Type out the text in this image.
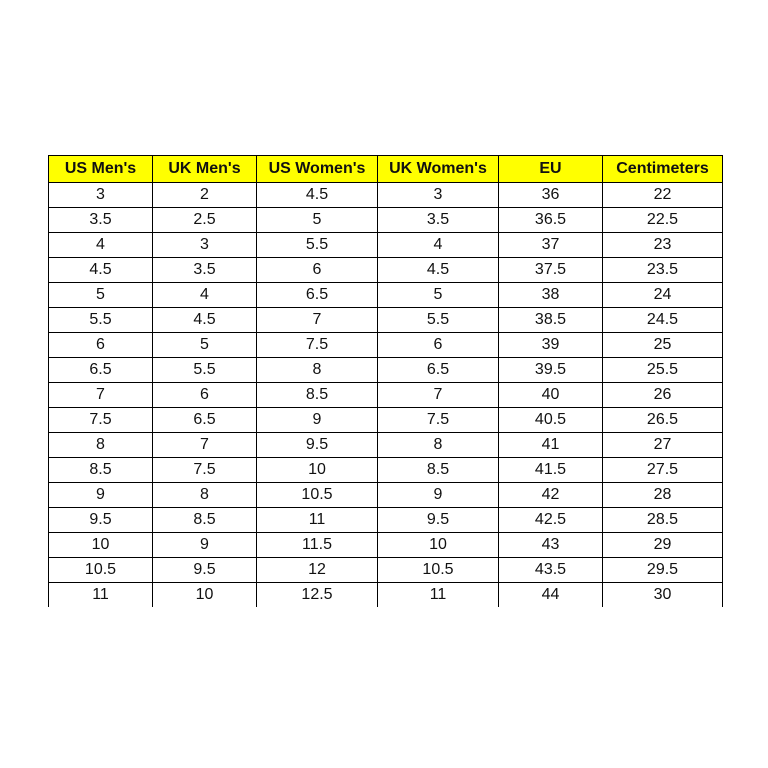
US Men's	UK Men's	US Women's	UK Women's	EU	Centimeters
3	2	4.5	3	36	22
3.5	2.5	5	3.5	36.5	22.5
4	3	5.5	4	37	23
4.5	3.5	6	4.5	37.5	23.5
5	4	6.5	5	38	24
5.5	4.5	7	5.5	38.5	24.5
6	5	7.5	6	39	25
6.5	5.5	8	6.5	39.5	25.5
7	6	8.5	7	40	26
7.5	6.5	9	7.5	40.5	26.5
8	7	9.5	8	41	27
8.5	7.5	10	8.5	41.5	27.5
9	8	10.5	9	42	28
9.5	8.5	11	9.5	42.5	28.5
10	9	11.5	10	43	29
10.5	9.5	12	10.5	43.5	29.5
11	10	12.5	11	44	30
